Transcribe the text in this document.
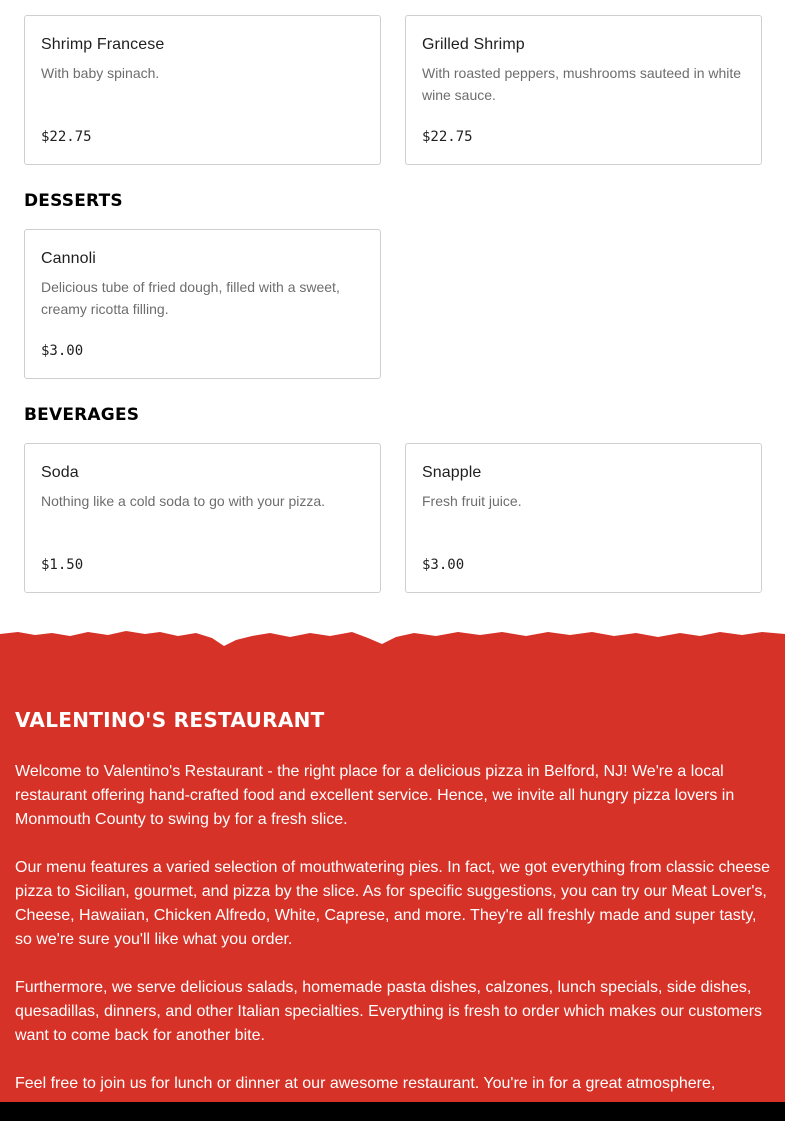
Shrimp Francese
With baby spinach.
$22.75
Grilled Shrimp
With roasted peppers, mushrooms sauteed in white wine sauce.
$22.75
DESSERTS
Cannoli
Delicious tube of fried dough, filled with a sweet, creamy ricotta filling.
$3.00
BEVERAGES
Soda
Nothing like a cold soda to go with your pizza.
$1.50
Snapple
Fresh fruit juice.
$3.00
VALENTINO'S RESTAURANT
Welcome to Valentino's Restaurant - the right place for a delicious pizza in Belford, NJ! We're a local restaurant offering hand-crafted food and excellent service. Hence, we invite all hungry pizza lovers in Monmouth County to swing by for a fresh slice.
Our menu features a varied selection of mouthwatering pies. In fact, we got everything from classic cheese pizza to Sicilian, gourmet, and pizza by the slice. As for specific suggestions, you can try our Meat Lover's, Cheese, Hawaiian, Chicken Alfredo, White, Caprese, and more. They're all freshly made and super tasty, so we're sure you'll like what you order.
Furthermore, we serve delicious salads, homemade pasta dishes, calzones, lunch specials, side dishes, quesadillas, dinners, and other Italian specialties. Everything is fresh to order which makes our customers want to come back for another bite.
Feel free to join us for lunch or dinner at our awesome restaurant. You're in for a great atmosphere,
